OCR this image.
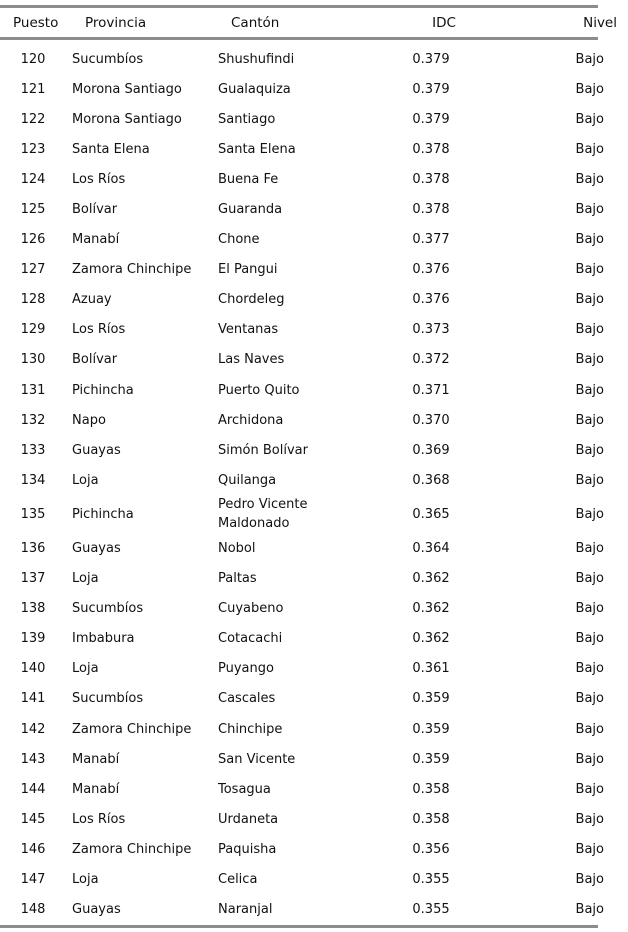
Puesto	Provincia	Cantón	IDC	Nivel
120	Sucumbíos	Shushufindi	0.379	Bajo
121	Morona Santiago	Gualaquiza	0.379	Bajo
122	Morona Santiago	Santiago	0.379	Bajo
123	Santa Elena	Santa Elena	0.378	Bajo
124	Los Ríos	Buena Fe	0.378	Bajo
125	Bolívar	Guaranda	0.378	Bajo
126	Manabí	Chone	0.377	Bajo
127	Zamora Chinchipe	El Pangui	0.376	Bajo
128	Azuay	Chordeleg	0.376	Bajo
129	Los Ríos	Ventanas	0.373	Bajo
130	Bolívar	Las Naves	0.372	Bajo
131	Pichincha	Puerto Quito	0.371	Bajo
132	Napo	Archidona	0.370	Bajo
133	Guayas	Simón Bolívar	0.369	Bajo
134	Loja	Quilanga	0.368	Bajo
135	Pichincha	Pedro Vicente Maldonado	0.365	Bajo
136	Guayas	Nobol	0.364	Bajo
137	Loja	Paltas	0.362	Bajo
138	Sucumbíos	Cuyabeno	0.362	Bajo
139	Imbabura	Cotacachi	0.362	Bajo
140	Loja	Puyango	0.361	Bajo
141	Sucumbíos	Cascales	0.359	Bajo
142	Zamora Chinchipe	Chinchipe	0.359	Bajo
143	Manabí	San Vicente	0.359	Bajo
144	Manabí	Tosagua	0.358	Bajo
145	Los Ríos	Urdaneta	0.358	Bajo
146	Zamora Chinchipe	Paquisha	0.356	Bajo
147	Loja	Celica	0.355	Bajo
148	Guayas	Naranjal	0.355	Bajo
